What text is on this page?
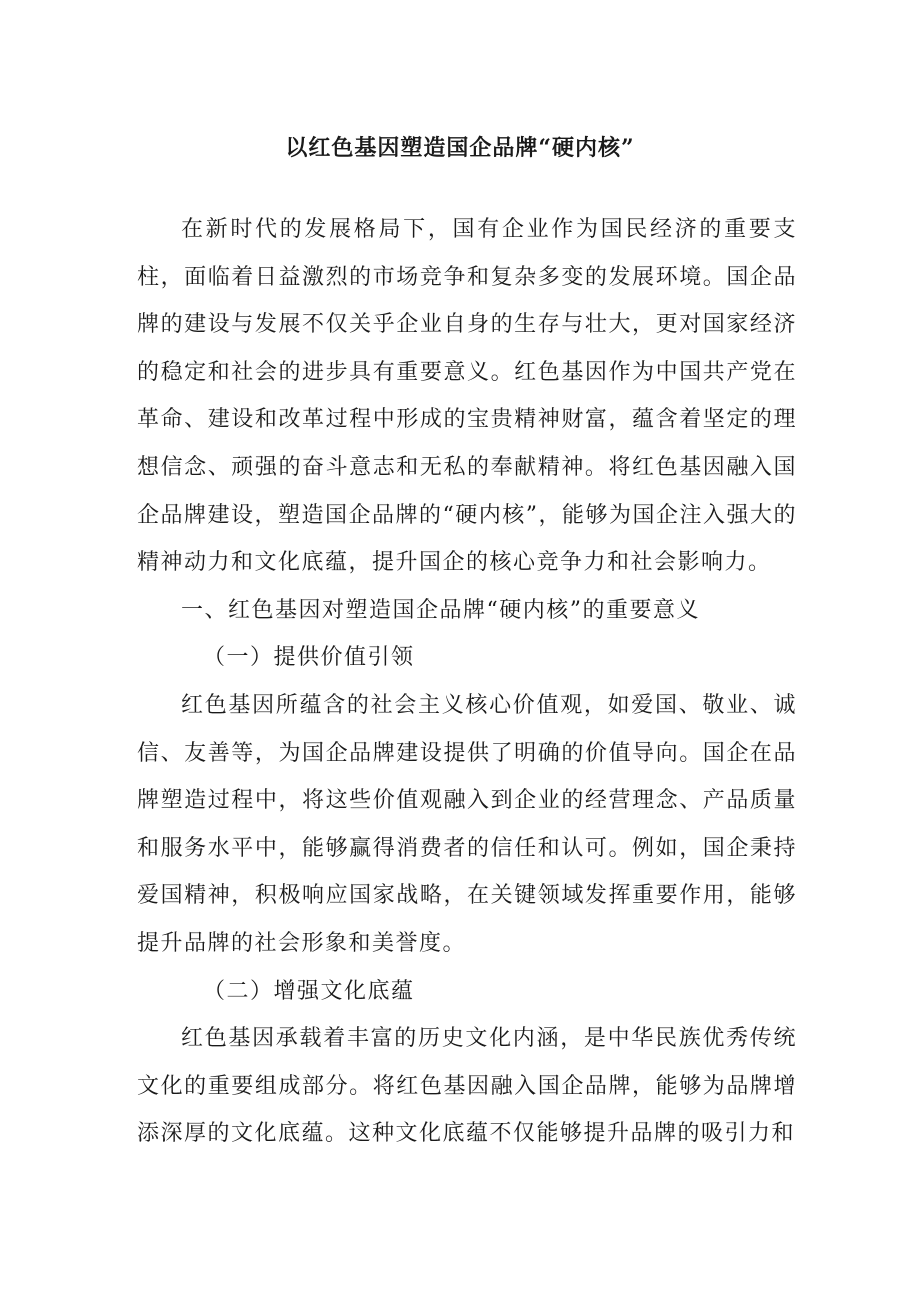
以红色基因塑造国企品牌“硬内核”

在新时代的发展格局下，国有企业作为国民经济的重要支柱，面临着日益激烈的市场竞争和复杂多变的发展环境。国企品牌的建设与发展不仅关乎企业自身的生存与壮大，更对国家经济的稳定和社会的进步具有重要意义。红色基因作为中国共产党在革命、建设和改革过程中形成的宝贵精神财富，蕴含着坚定的理想信念、顽强的奋斗意志和无私的奉献精神。将红色基因融入国企品牌建设，塑造国企品牌的“硬内核”，能够为国企注入强大的精神动力和文化底蕴，提升国企的核心竞争力和社会影响力。

一、红色基因对塑造国企品牌“硬内核”的重要意义

（一）提供价值引领

红色基因所蕴含的社会主义核心价值观，如爱国、敬业、诚信、友善等，为国企品牌建设提供了明确的价值导向。国企在品牌塑造过程中，将这些价值观融入到企业的经营理念、产品质量和服务水平中，能够赢得消费者的信任和认可。例如，国企秉持爱国精神，积极响应国家战略，在关键领域发挥重要作用，能够提升品牌的社会形象和美誉度。

（二）增强文化底蕴

红色基因承载着丰富的历史文化内涵，是中华民族优秀传统文化的重要组成部分。将红色基因融入国企品牌，能够为品牌增添深厚的文化底蕴。这种文化底蕴不仅能够提升品牌的吸引力和
